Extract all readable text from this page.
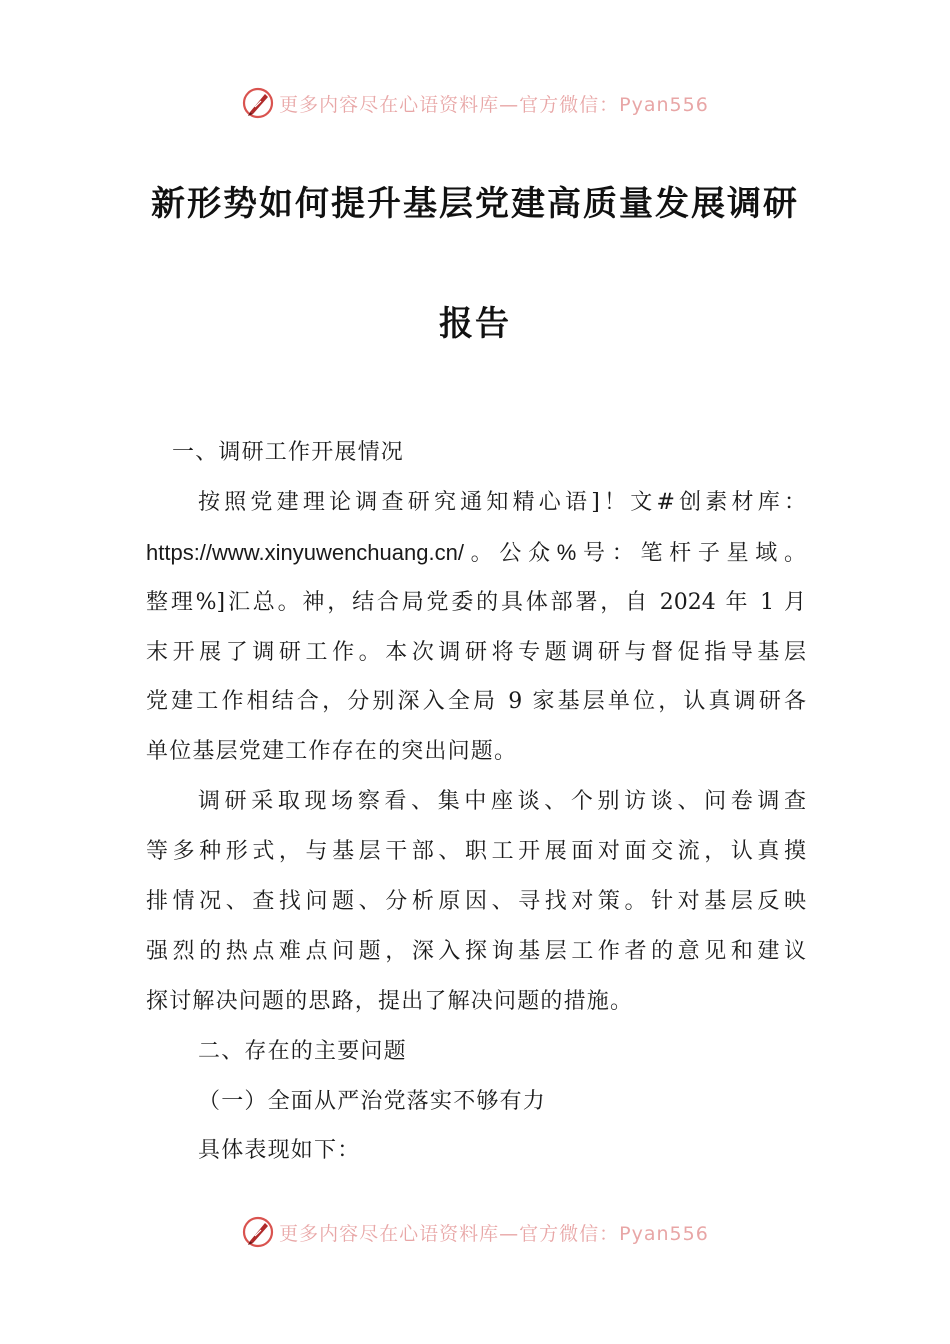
更多内容尽在心语资料库—官方微信：Pyan556
新形势如何提升基层党建高质量发展调研
报告
一、调研工作开展情况
按照党建理论调查研究通知精心语]！文#创素材库：
https://www.xinyuwenchuang.cn/。公众%号：笔杆子星域。
整理%]汇总。神，结合局党委的具体部署，自 2024 年 1 月
末开展了调研工作。本次调研将专题调研与督促指导基层
党建工作相结合，分别深入全局 9 家基层单位，认真调研各
单位基层党建工作存在的突出问题。
调研采取现场察看、集中座谈、个别访谈、问卷调查
等多种形式，与基层干部、职工开展面对面交流，认真摸
排情况、查找问题、分析原因、寻找对策。针对基层反映
强烈的热点难点问题，深入探询基层工作者的意见和建议
探讨解决问题的思路，提出了解决问题的措施。
二、存在的主要问题
（一）全面从严治党落实不够有力
具体表现如下：
更多内容尽在心语资料库—官方微信：Pyan556
